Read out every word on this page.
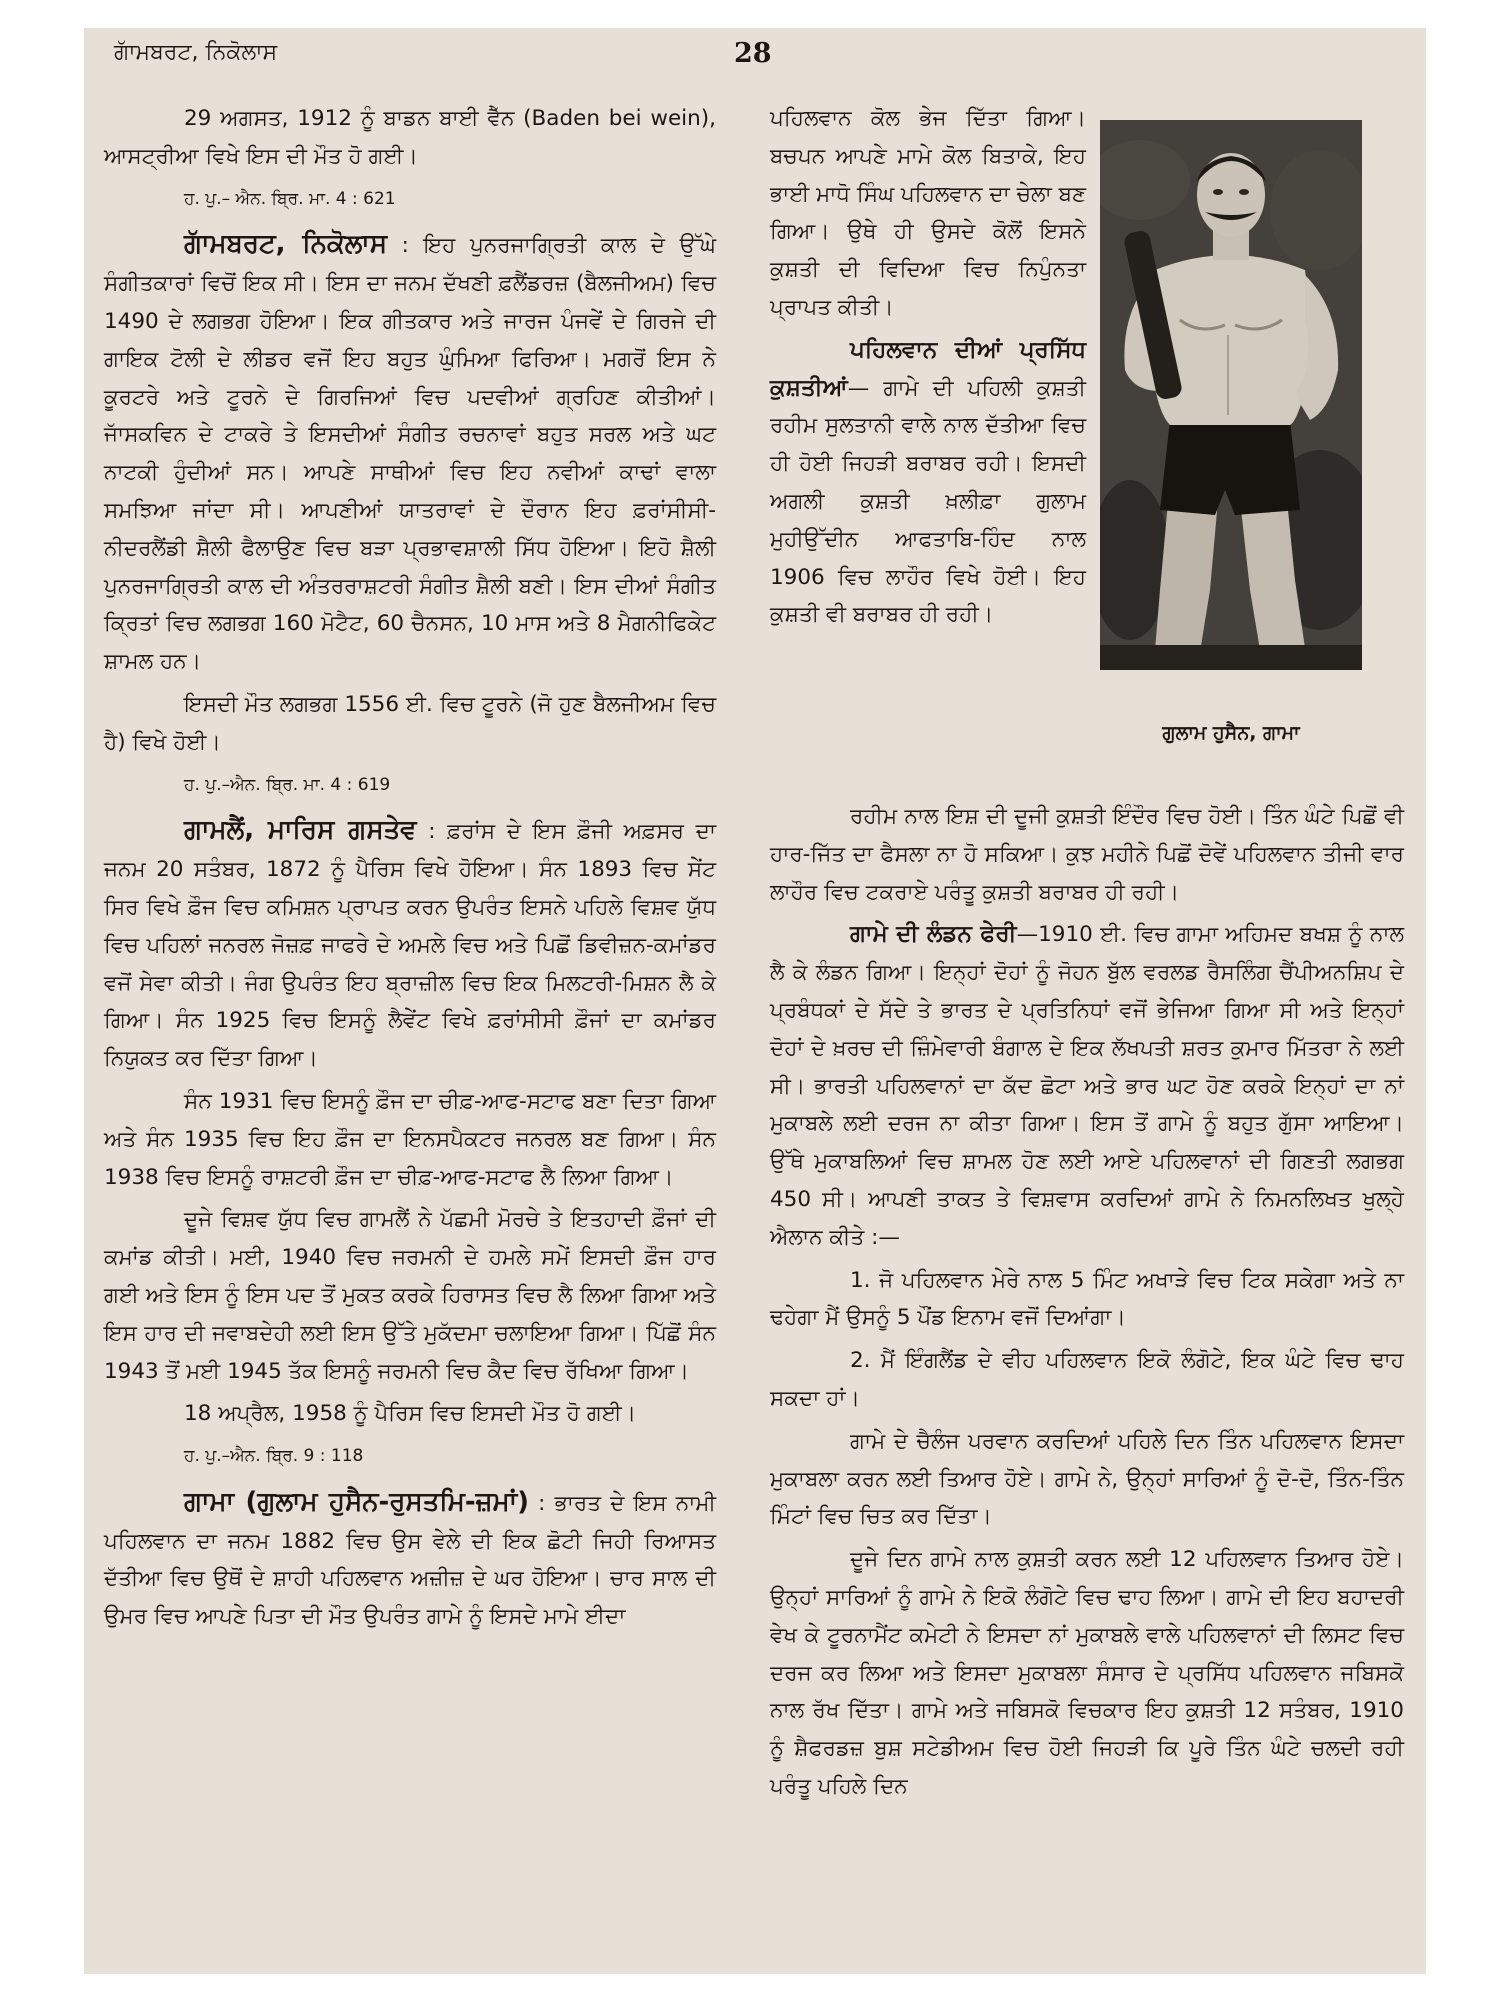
ਗਾੱਮਬਰਟ, ਨਿਕੋਲਾਸ	28

29 ਅਗਸਤ, 1912 ਨੂੰ ਬਾਡਨ ਬਾਈ ਵੈੱਨ (Baden bei wein), ਆਸਟ੍ਰੀਆ ਵਿਖੇ ਇਸ ਦੀ ਮੌਤ ਹੋ ਗਈ।

ਹ. ਪੁ.– ਐਨ. ਬ੍ਰਿ. ਮਾ. 4 : 621

ਗਾੱਮਬਰਟ, ਨਿਕੋਲਾਸ : ਇਹ ਪੁਨਰਜਾਗ੍ਰਿਤੀ ਕਾਲ ਦੇ ਉੱਘੇ ਸੰਗੀਤਕਾਰਾਂ ਵਿਚੋਂ ਇਕ ਸੀ। ਇਸ ਦਾ ਜਨਮ ਦੱਖਣੀ ਫ਼ਲੈਂਡਰਜ਼ (ਬੈਲਜੀਅਮ) ਵਿਚ 1490 ਦੇ ਲਗਭਗ ਹੋਇਆ। ਇਕ ਗੀਤਕਾਰ ਅਤੇ ਜਾਰਜ ਪੰਜਵੇਂ ਦੇ ਗਿਰਜੇ ਦੀ ਗਾਇਕ ਟੋਲੀ ਦੇ ਲੀਡਰ ਵਜੋਂ ਇਹ ਬਹੁਤ ਘੁੰਮਿਆ ਫਿਰਿਆ। ਮਗਰੋਂ ਇਸ ਨੇ ਕੂਰਟਰੇ ਅਤੇ ਟੂਰਨੇ ਦੇ ਗਿਰਜਿਆਂ ਵਿਚ ਪਦਵੀਆਂ ਗ੍ਰਹਿਣ ਕੀਤੀਆਂ। ਜਾੱਸਕਵਿਨ ਦੇ ਟਾਕਰੇ ਤੇ ਇਸਦੀਆਂ ਸੰਗੀਤ ਰਚਨਾਵਾਂ ਬਹੁਤ ਸਰਲ ਅਤੇ ਘਟ ਨਾਟਕੀ ਹੁੰਦੀਆਂ ਸਨ। ਆਪਣੇ ਸਾਥੀਆਂ ਵਿਚ ਇਹ ਨਵੀਆਂ ਕਾਢਾਂ ਵਾਲਾ ਸਮਝਿਆ ਜਾਂਦਾ ਸੀ। ਆਪਣੀਆਂ ਯਾਤਰਾਵਾਂ ਦੇ ਦੌਰਾਨ ਇਹ ਫ਼ਰਾਂਸੀਸੀ-ਨੀਦਰਲੈਂਡੀ ਸ਼ੈਲੀ ਫੈਲਾਉਣ ਵਿਚ ਬੜਾ ਪ੍ਰਭਾਵਸ਼ਾਲੀ ਸਿੱਧ ਹੋਇਆ। ਇਹੋ ਸ਼ੈਲੀ ਪੁਨਰਜਾਗ੍ਰਿਤੀ ਕਾਲ ਦੀ ਅੰਤਰਰਾਸ਼ਟਰੀ ਸੰਗੀਤ ਸ਼ੈਲੀ ਬਣੀ। ਇਸ ਦੀਆਂ ਸੰਗੀਤ ਕ੍ਰਿਤਾਂ ਵਿਚ ਲਗਭਗ 160 ਮੋਟੈਟ, 60 ਚੈਨਸਨ, 10 ਮਾਸ ਅਤੇ 8 ਮੈਗਨੀਫਿਕੇਟ ਸ਼ਾਮਲ ਹਨ।

ਇਸਦੀ ਮੌਤ ਲਗਭਗ 1556 ਈ. ਵਿਚ ਟੂਰਨੇ (ਜੋ ਹੁਣ ਬੈਲਜੀਅਮ ਵਿਚ ਹੈ) ਵਿਖੇ ਹੋਈ।

ਹ. ਪੁ.–ਐਨ. ਬ੍ਰਿ. ਮਾ. 4 : 619

ਗਾਮਲੈਂ, ਮਾਰਿਸ ਗਸਤੇਵ : ਫ਼ਰਾਂਸ ਦੇ ਇਸ ਫ਼ੌਜੀ ਅਫ਼ਸਰ ਦਾ ਜਨਮ 20 ਸਤੰਬਰ, 1872 ਨੂੰ ਪੈਰਿਸ ਵਿਖੇ ਹੋਇਆ। ਸੰਨ 1893 ਵਿਚ ਸੇਂਟ ਸਿਰ ਵਿਖੇ ਫ਼ੌਜ ਵਿਚ ਕਮਿਸ਼ਨ ਪ੍ਰਾਪਤ ਕਰਨ ਉਪਰੰਤ ਇਸਨੇ ਪਹਿਲੇ ਵਿਸ਼ਵ ਯੁੱਧ ਵਿਚ ਪਹਿਲਾਂ ਜਨਰਲ ਜੋਜ਼ਫ਼ ਜਾਫਰੇ ਦੇ ਅਮਲੇ ਵਿਚ ਅਤੇ ਪਿਛੋਂ ਡਿਵੀਜ਼ਨ-ਕਮਾਂਡਰ ਵਜੋਂ ਸੇਵਾ ਕੀਤੀ। ਜੰਗ ਉਪਰੰਤ ਇਹ ਬ੍ਰਾਜ਼ੀਲ ਵਿਚ ਇਕ ਮਿਲਟਰੀ-ਮਿਸ਼ਨ ਲੈ ਕੇ ਗਿਆ। ਸੰਨ 1925 ਵਿਚ ਇਸਨੂੰ ਲੈਵੇਂਟ ਵਿਖੇ ਫ਼ਰਾਂਸੀਸੀ ਫ਼ੌਜਾਂ ਦਾ ਕਮਾਂਡਰ ਨਿਯੁਕਤ ਕਰ ਦਿੱਤਾ ਗਿਆ।

ਸੰਨ 1931 ਵਿਚ ਇਸਨੂੰ ਫ਼ੌਜ ਦਾ ਚੀਫ਼-ਆਫ-ਸਟਾਫ ਬਣਾ ਦਿਤਾ ਗਿਆ ਅਤੇ ਸੰਨ 1935 ਵਿਚ ਇਹ ਫ਼ੌਜ ਦਾ ਇਨਸਪੈਕਟਰ ਜਨਰਲ ਬਣ ਗਿਆ। ਸੰਨ 1938 ਵਿਚ ਇਸਨੂੰ ਰਾਸ਼ਟਰੀ ਫ਼ੌਜ ਦਾ ਚੀਫ਼-ਆਫ-ਸਟਾਫ ਲੈ ਲਿਆ ਗਿਆ।

ਦੂਜੇ ਵਿਸ਼ਵ ਯੁੱਧ ਵਿਚ ਗਾਮਲੈਂ ਨੇ ਪੱਛਮੀ ਮੋਰਚੇ ਤੇ ਇਤਹਾਦੀ ਫ਼ੌਜਾਂ ਦੀ ਕਮਾਂਡ ਕੀਤੀ। ਮਈ, 1940 ਵਿਚ ਜਰਮਨੀ ਦੇ ਹਮਲੇ ਸਮੇਂ ਇਸਦੀ ਫ਼ੌਜ ਹਾਰ ਗਈ ਅਤੇ ਇਸ ਨੂੰ ਇਸ ਪਦ ਤੋਂ ਮੁਕਤ ਕਰਕੇ ਹਿਰਾਸਤ ਵਿਚ ਲੈ ਲਿਆ ਗਿਆ ਅਤੇ ਇਸ ਹਾਰ ਦੀ ਜਵਾਬਦੇਹੀ ਲਈ ਇਸ ਉੱਤੇ ਮੁਕੱਦਮਾ ਚਲਾਇਆ ਗਿਆ। ਪਿੱਛੋਂ ਸੰਨ 1943 ਤੋਂ ਮਈ 1945 ਤੱਕ ਇਸਨੂੰ ਜਰਮਨੀ ਵਿਚ ਕੈਦ ਵਿਚ ਰੱਖਿਆ ਗਿਆ।

18 ਅਪ੍ਰੈਲ, 1958 ਨੂੰ ਪੈਰਿਸ ਵਿਚ ਇਸਦੀ ਮੌਤ ਹੋ ਗਈ।

ਹ. ਪੁ.–ਐਨ. ਬ੍ਰਿ. 9 : 118

ਗਾਮਾ (ਗੁਲਾਮ ਹੁਸੈਨ-ਰੁਸਤਮਿ-ਜ਼ਮਾਂ) : ਭਾਰਤ ਦੇ ਇਸ ਨਾਮੀ ਪਹਿਲਵਾਨ ਦਾ ਜਨਮ 1882 ਵਿਚ ਉਸ ਵੇਲੇ ਦੀ ਇਕ ਛੋਟੀ ਜਿਹੀ ਰਿਆਸਤ ਦੱਤੀਆ ਵਿਚ ਉਥੋਂ ਦੇ ਸ਼ਾਹੀ ਪਹਿਲਵਾਨ ਅਜ਼ੀਜ਼ ਦੇ ਘਰ ਹੋਇਆ। ਚਾਰ ਸਾਲ ਦੀ ਉਮਰ ਵਿਚ ਆਪਣੇ ਪਿਤਾ ਦੀ ਮੌਤ ਉਪਰੰਤ ਗਾਮੇ ਨੂੰ ਇਸਦੇ ਮਾਮੇ ਈਦਾ

ਪਹਿਲਵਾਨ ਕੋਲ ਭੇਜ ਦਿੱਤਾ ਗਿਆ। ਬਚਪਨ ਆਪਣੇ ਮਾਮੇ ਕੋਲ ਬਿਤਾਕੇ, ਇਹ ਭਾਈ ਮਾਧੋ ਸਿੰਘ ਪਹਿਲਵਾਨ ਦਾ ਚੇਲਾ ਬਣ ਗਿਆ। ਉਥੇ ਹੀ ਉਸਦੇ ਕੋਲੋਂ ਇਸਨੇ ਕੁਸ਼ਤੀ ਦੀ ਵਿਦਿਆ ਵਿਚ ਨਿਪੁੰਨਤਾ ਪ੍ਰਾਪਤ ਕੀਤੀ।

ਪਹਿਲਵਾਨ ਦੀਆਂ ਪ੍ਰਸਿੱਧ ਕੁਸ਼ਤੀਆਂ— ਗਾਮੇ ਦੀ ਪਹਿਲੀ ਕੁਸ਼ਤੀ ਰਹੀਮ ਸੁਲਤਾਨੀ ਵਾਲੇ ਨਾਲ ਦੱਤੀਆ ਵਿਚ ਹੀ ਹੋਈ ਜਿਹੜੀ ਬਰਾਬਰ ਰਹੀ। ਇਸਦੀ ਅਗਲੀ ਕੁਸ਼ਤੀ ਖ਼ਲੀਫ਼ਾ ਗੁਲਾਮ ਮੁਹੀਉੱਦੀਨ ਆਫਤਾਬਿ-ਹਿੰਦ ਨਾਲ 1906 ਵਿਚ ਲਾਹੌਰ ਵਿਖੇ ਹੋਈ। ਇਹ ਕੁਸ਼ਤੀ ਵੀ ਬਰਾਬਰ ਹੀ ਰਹੀ।

ਗੁਲਾਮ ਹੁਸੈਨ, ਗਾਮਾ

ਰਹੀਮ ਨਾਲ ਇਸ਼ ਦੀ ਦੂਜੀ ਕੁਸ਼ਤੀ ਇੰਦੌਰ ਵਿਚ ਹੋਈ। ਤਿੰਨ ਘੰਟੇ ਪਿਛੋਂ ਵੀ ਹਾਰ-ਜਿੱਤ ਦਾ ਫੈਸਲਾ ਨਾ ਹੋ ਸਕਿਆ। ਕੁਝ ਮਹੀਨੇ ਪਿਛੋਂ ਦੋਵੇਂ ਪਹਿਲਵਾਨ ਤੀਜੀ ਵਾਰ ਲਾਹੌਰ ਵਿਚ ਟਕਰਾਏ ਪਰੰਤੂ ਕੁਸ਼ਤੀ ਬਰਾਬਰ ਹੀ ਰਹੀ।

ਗਾਮੇ ਦੀ ਲੰਡਨ ਫੇਰੀ—1910 ਈ. ਵਿਚ ਗਾਮਾ ਅਹਿਮਦ ਬਖਸ਼ ਨੂੰ ਨਾਲ ਲੈ ਕੇ ਲੰਡਨ ਗਿਆ। ਇਨ੍ਹਾਂ ਦੋਹਾਂ ਨੂੰ ਜੋਹਨ ਬੁੱਲ ਵਰਲਡ ਰੈਸਲਿੰਗ ਚੈਂਪੀਅਨਸ਼ਿਪ ਦੇ ਪ੍ਰਬੰਧਕਾਂ ਦੇ ਸੱਦੇ ਤੇ ਭਾਰਤ ਦੇ ਪ੍ਰਤਿਨਿਧਾਂ ਵਜੋਂ ਭੇਜਿਆ ਗਿਆ ਸੀ ਅਤੇ ਇਨ੍ਹਾਂ ਦੋਹਾਂ ਦੇ ਖ਼ਰਚ ਦੀ ਜ਼ਿੰਮੇਵਾਰੀ ਬੰਗਾਲ ਦੇ ਇਕ ਲੱਖਪਤੀ ਸ਼ਰਤ ਕੁਮਾਰ ਮਿੱਤਰਾ ਨੇ ਲਈ ਸੀ। ਭਾਰਤੀ ਪਹਿਲਵਾਨਾਂ ਦਾ ਕੱਦ ਛੋਟਾ ਅਤੇ ਭਾਰ ਘਟ ਹੋਣ ਕਰਕੇ ਇਨ੍ਹਾਂ ਦਾ ਨਾਂ ਮੁਕਾਬਲੇ ਲਈ ਦਰਜ ਨਾ ਕੀਤਾ ਗਿਆ। ਇਸ ਤੋਂ ਗਾਮੇ ਨੂੰ ਬਹੁਤ ਗੁੱਸਾ ਆਇਆ। ਉੱਥੇ ਮੁਕਾਬਲਿਆਂ ਵਿਚ ਸ਼ਾਮਲ ਹੋਣ ਲਈ ਆਏ ਪਹਿਲਵਾਨਾਂ ਦੀ ਗਿਣਤੀ ਲਗਭਗ 450 ਸੀ। ਆਪਣੀ ਤਾਕਤ ਤੇ ਵਿਸ਼ਵਾਸ ਕਰਦਿਆਂ ਗਾਮੇ ਨੇ ਨਿਮਨਲਿਖਤ ਖੁਲ੍ਹੇ ਐਲਾਨ ਕੀਤੇ :—

1. ਜੋ ਪਹਿਲਵਾਨ ਮੇਰੇ ਨਾਲ 5 ਮਿੰਟ ਅਖਾੜੇ ਵਿਚ ਟਿਕ ਸਕੇਗਾ ਅਤੇ ਨਾ ਢਹੇਗਾ ਮੈਂ ਉਸਨੂੰ 5 ਪੌਂਡ ਇਨਾਮ ਵਜੋਂ ਦਿਆਂਗਾ।

2. ਮੈਂ ਇੰਗਲੈਂਡ ਦੇ ਵੀਹ ਪਹਿਲਵਾਨ ਇਕੋ ਲੰਗੋਟੇ, ਇਕ ਘੰਟੇ ਵਿਚ ਢਾਹ ਸਕਦਾ ਹਾਂ।

ਗਾਮੇ ਦੇ ਚੈਲੰਜ ਪਰਵਾਨ ਕਰਦਿਆਂ ਪਹਿਲੇ ਦਿਨ ਤਿੰਨ ਪਹਿਲਵਾਨ ਇਸਦਾ ਮੁਕਾਬਲਾ ਕਰਨ ਲਈ ਤਿਆਰ ਹੋਏ। ਗਾਮੇ ਨੇ, ਉਨ੍ਹਾਂ ਸਾਰਿਆਂ ਨੂੰ ਦੋ-ਦੋ, ਤਿੰਨ-ਤਿੰਨ ਮਿੰਟਾਂ ਵਿਚ ਚਿਤ ਕਰ ਦਿੱਤਾ।

ਦੂਜੇ ਦਿਨ ਗਾਮੇ ਨਾਲ ਕੁਸ਼ਤੀ ਕਰਨ ਲਈ 12 ਪਹਿਲਵਾਨ ਤਿਆਰ ਹੋਏ। ਉਨ੍ਹਾਂ ਸਾਰਿਆਂ ਨੂੰ ਗਾਮੇ ਨੇ ਇਕੋ ਲੰਗੋਟੇ ਵਿਚ ਢਾਹ ਲਿਆ। ਗਾਮੇ ਦੀ ਇਹ ਬਹਾਦਰੀ ਵੇਖ ਕੇ ਟੂਰਨਾਮੈਂਟ ਕਮੇਟੀ ਨੇ ਇਸਦਾ ਨਾਂ ਮੁਕਾਬਲੇ ਵਾਲੇ ਪਹਿਲਵਾਨਾਂ ਦੀ ਲਿਸਟ ਵਿਚ ਦਰਜ ਕਰ ਲਿਆ ਅਤੇ ਇਸਦਾ ਮੁਕਾਬਲਾ ਸੰਸਾਰ ਦੇ ਪ੍ਰਸਿੱਧ ਪਹਿਲਵਾਨ ਜਬਿਸਕੋ ਨਾਲ ਰੱਖ ਦਿੱਤਾ। ਗਾਮੇ ਅਤੇ ਜਬਿਸਕੋ ਵਿਚਕਾਰ ਇਹ ਕੁਸ਼ਤੀ 12 ਸਤੰਬਰ, 1910 ਨੂੰ ਸ਼ੈਫਰਡਜ਼ ਬੁਸ਼ ਸਟੇਡੀਅਮ ਵਿਚ ਹੋਈ ਜਿਹੜੀ ਕਿ ਪੂਰੇ ਤਿੰਨ ਘੰਟੇ ਚਲਦੀ ਰਹੀ ਪਰੰਤੂ ਪਹਿਲੇ ਦਿਨ
